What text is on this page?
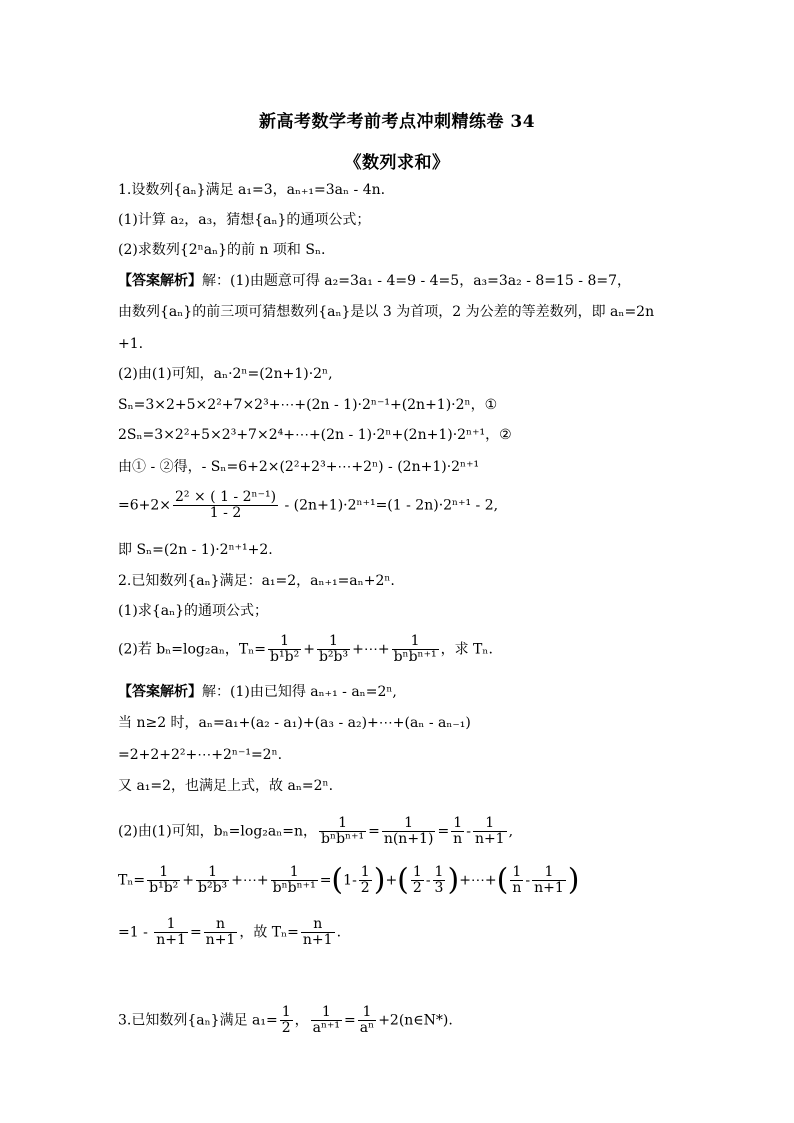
新高考数学考前考点冲刺精练卷 34
《数列求和》
1.设数列{aₙ}满足 a₁=3，aₙ₊₁=3aₙ - 4n.
(1)计算 a₂，a₃，猜想{aₙ}的通项公式；
(2)求数列{2ⁿaₙ}的前 n 项和 Sₙ.
【答案解析】解：(1)由题意可得 a₂=3a₁ - 4=9 - 4=5，a₃=3a₂ - 8=15 - 8=7，
由数列{aₙ}的前三项可猜想数列{aₙ}是以 3 为首项，2 为公差的等差数列，即 aₙ=2n
+1.
(2)由(1)可知，aₙ·2ⁿ=(2n+1)·2ⁿ,
Sₙ=3×2+5×2²+7×2³+⋯+(2n - 1)·2ⁿ⁻¹+(2n+1)·2ⁿ，①
2Sₙ=3×2²+5×2³+7×2⁴+⋯+(2n - 1)·2ⁿ+(2n+1)·2ⁿ⁺¹，②
由① - ②得，- Sₙ=6+2×(2²+2³+⋯+2ⁿ) - (2n+1)·2ⁿ⁺¹
$=6+2\times \frac{\text{2² × ( 1 - 2ⁿ⁻¹)}}{1 - 2} - (2n+1)\cdot 2^{n+1}=(1 - 2n)\cdot 2^{n+1} - 2$,
即 Sₙ=(2n - 1)·2ⁿ⁺¹+2.
2.已知数列{aₙ}满足：a₁=2，aₙ₊₁=aₙ+2ⁿ.
(1)求{aₙ}的通项公式；
(2)若 bₙ=log₂aₙ，$T_n= \frac{1}{\text{b¹b²}} + \frac{1}{\text{b²b³}}$ +⋯+ $\frac{1}{\text{bⁿbⁿ⁺¹}}$ ，求 Tₙ.
【答案解析】解：(1)由已知得 aₙ₊₁ - aₙ=2ⁿ,
当 n≥2 时，aₙ=a₁+(a₂ - a₁)+(a₃ - a₂)+⋯+(aₙ - aₙ₋₁)
=2+2+2²+⋯+2ⁿ⁻¹=2ⁿ.
又 a₁=2，也满足上式，故 aₙ=2ⁿ.
(2)由(1)可知，bₙ=log₂aₙ=n， $\frac{1}{\text{bⁿbⁿ⁺¹}} = \frac{1}{n(n+1)} = \frac{1}{n} - \frac{1}{n+1}$ ,
$T_n= \frac{1}{\text{b¹b²}} + \frac{1}{\text{b²b³}}$ +⋯+ $\frac{1}{\text{bⁿbⁿ⁺¹}} =(1- \frac{1}{2}$ )+( $\frac{1}{2} - \frac{1}{3}$ )+⋯+( $\frac{1}{n} - \frac{1}{n+1}$ )
$=1 - \frac{1}{n+1} = \frac{n}{n+1}$ ，故 $T_n= \frac{n}{n+1}$ .
3.已知数列{aₙ}满足 $a_1= \frac{1}{2}$ ， $\frac{1}{\text{aⁿ⁺¹}} = \frac{1}{\text{aⁿ}}$ +2(n∈N*).
